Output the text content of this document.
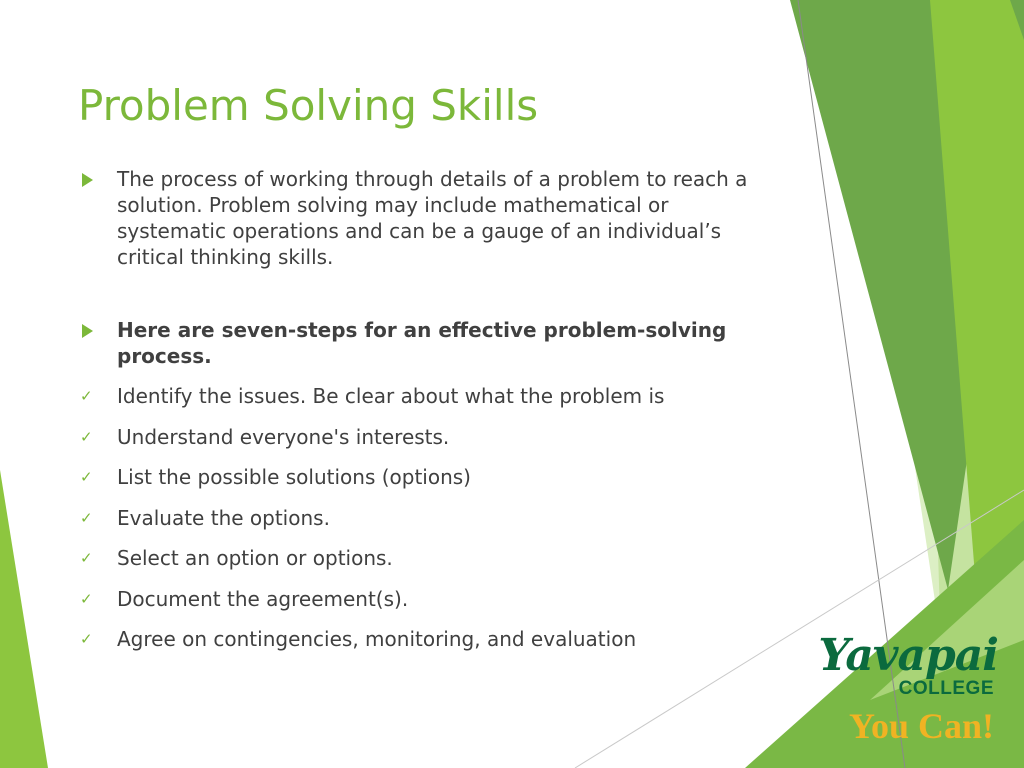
Problem Solving Skills
The process of working through details of a problem to reach a solution. Problem solving may include mathematical or systematic operations and can be a gauge of an individual’s critical thinking skills.
Here are seven-steps for an effective problem-solving process.
✓	Identify the issues. Be clear about what the problem is
✓	Understand everyone's interests.
✓	List the possible solutions (options)
✓	Evaluate the options.
✓	Select an option or options.
✓	Document the agreement(s).
✓	Agree on contingencies, monitoring, and evaluation	Yavapai
COLLEGE
You Can!
